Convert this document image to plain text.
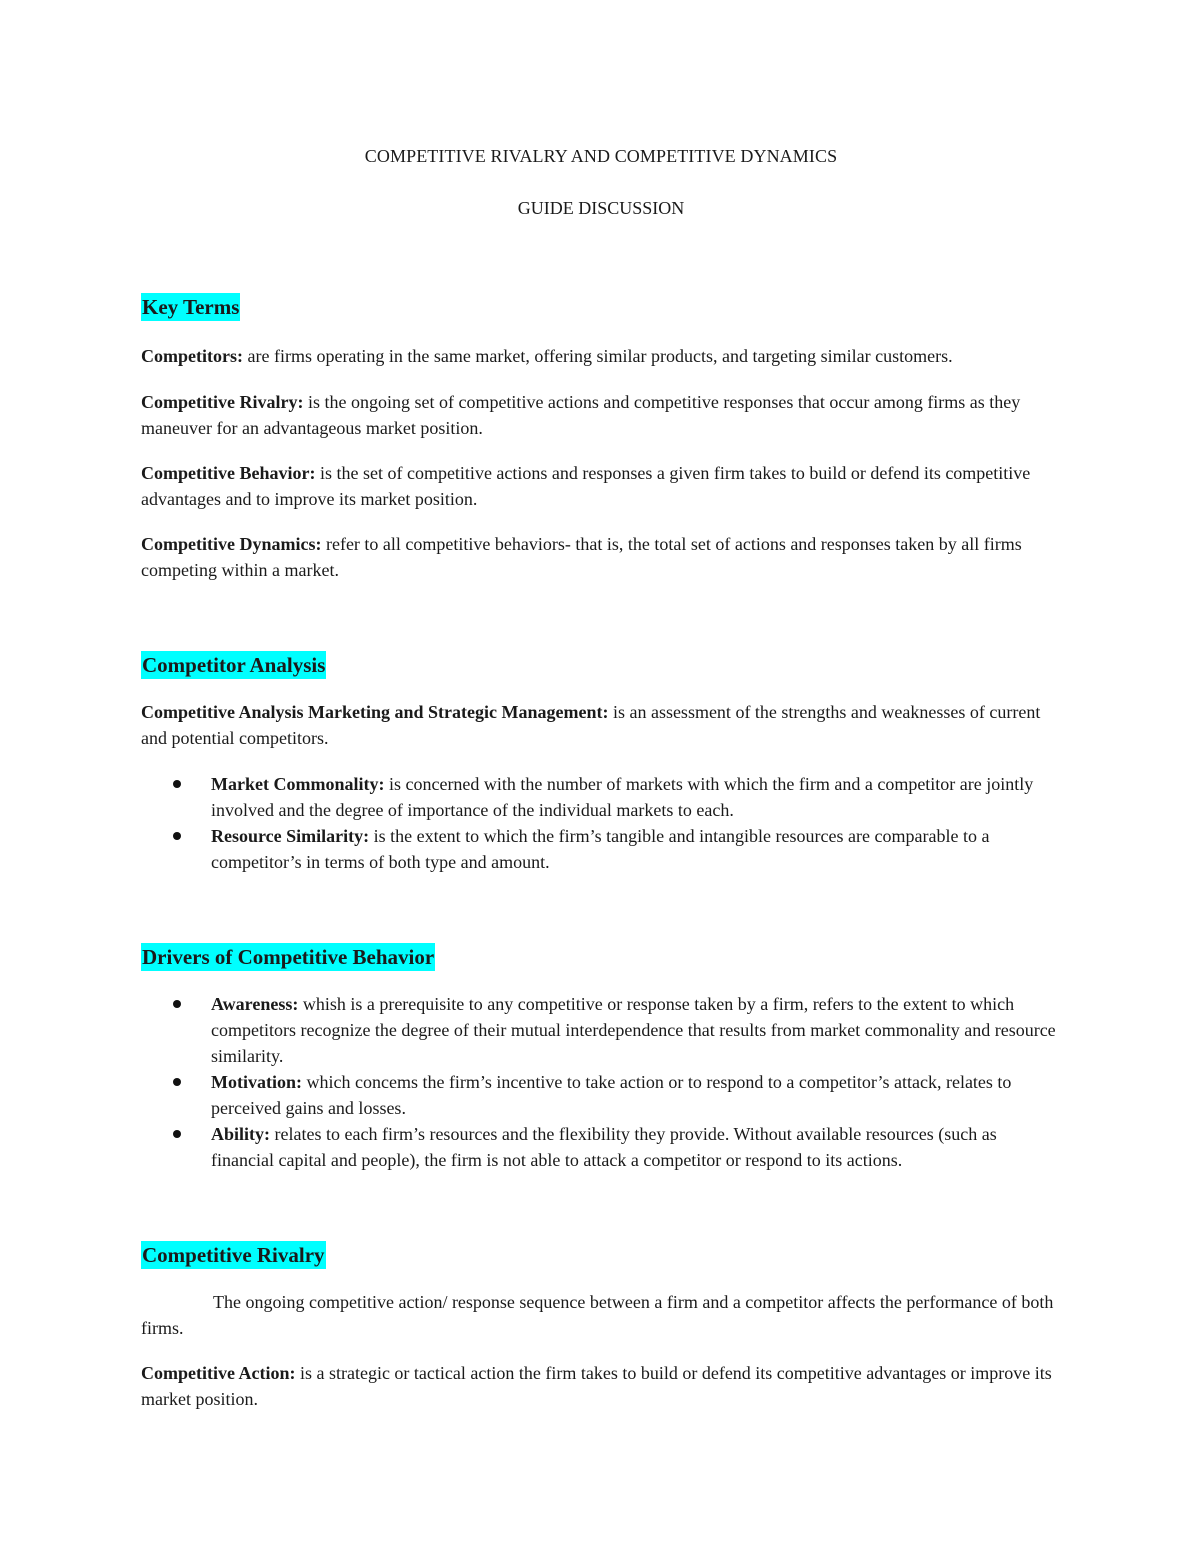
COMPETITIVE RIVALRY AND COMPETITIVE DYNAMICS
GUIDE DISCUSSION
Key Terms

Competitors: are firms operating in the same market, offering similar products, and targeting similar customers.

Competitive Rivalry: is the ongoing set of competitive actions and competitive responses that occur among firms as they maneuver for an advantageous market position.

Competitive Behavior: is the set of competitive actions and responses a given firm takes to build or defend its competitive advantages and to improve its market position.

Competitive Dynamics: refer to all competitive behaviors- that is, the total set of actions and responses taken by all firms competing within a market.

Competitor Analysis

Competitive Analysis Marketing and Strategic Management: is an assessment of the strengths and weaknesses of current and potential competitors.

Market Commonality: is concerned with the number of markets with which the firm and a competitor are jointly involved and the degree of importance of the individual markets to each.
Resource Similarity: is the extent to which the firm’s tangible and intangible resources are comparable to a competitor’s in terms of both type and amount.
Drivers of Competitive Behavior
Awareness: whish is a prerequisite to any competitive or response taken by a firm, refers to the extent to which competitors recognize the degree of their mutual interdependence that results from market commonality and resource similarity.
Motivation: which concems the firm’s incentive to take action or to respond to a competitor’s attack, relates to perceived gains and losses.
Ability: relates to each firm’s resources and the flexibility they provide. Without available resources (such as financial capital and people), the firm is not able to attack a competitor or respond to its actions.
Competitive Rivalry

The ongoing competitive action/ response sequence between a firm and a competitor affects the performance of both firms.

Competitive Action: is a strategic or tactical action the firm takes to build or defend its competitive advantages or improve its market position.
